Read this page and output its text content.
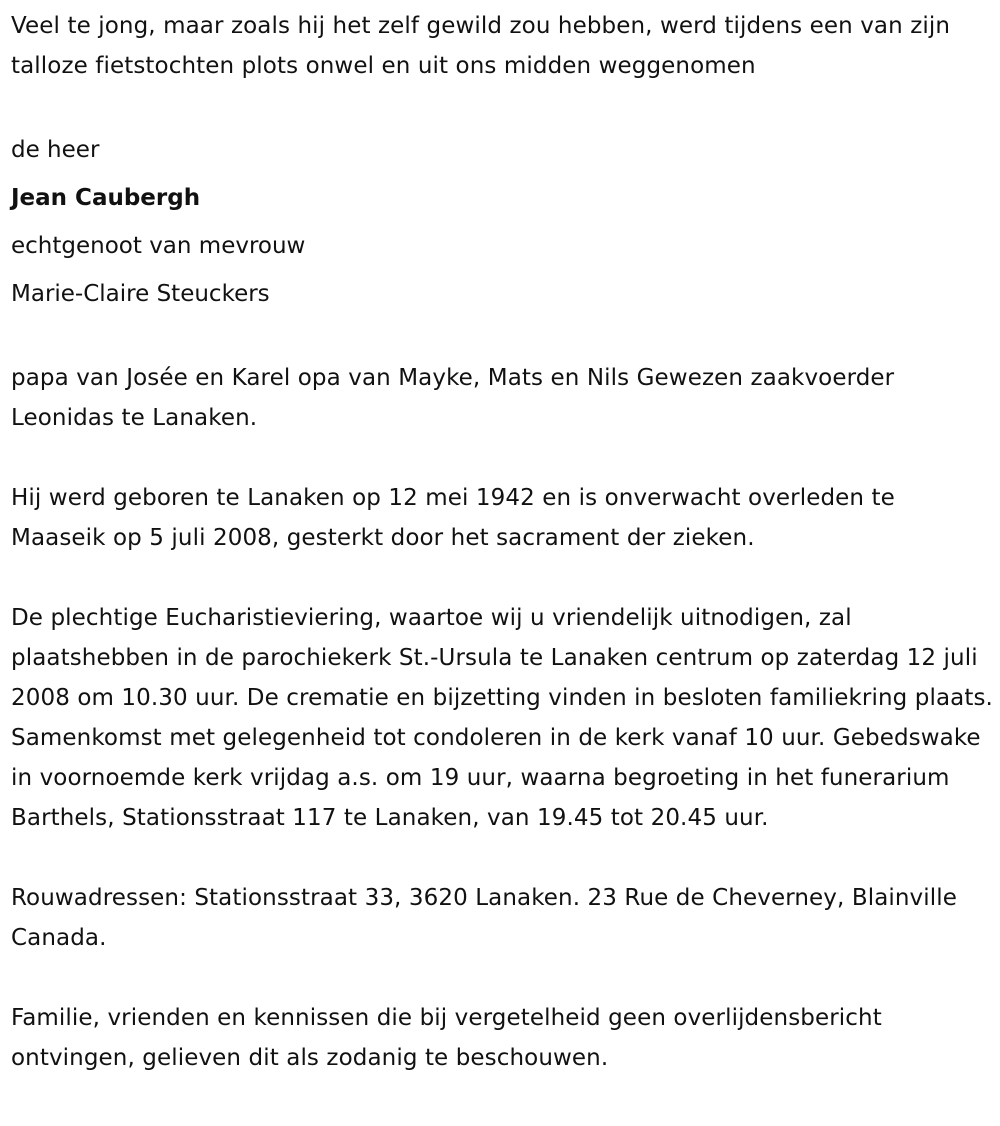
Veel te jong, maar zoals hij het zelf gewild zou hebben, werd tijdens een van zijn talloze fietstochten plots onwel en uit ons midden weggenomen

de heer

Jean Caubergh

echtgenoot van mevrouw

Marie-Claire Steuckers

papa van Josée en Karel opa van Mayke, Mats en Nils Gewezen zaakvoerder Leonidas te Lanaken.

Hij werd geboren te Lanaken op 12 mei 1942 en is onverwacht overleden te Maaseik op 5 juli 2008, gesterkt door het sacrament der zieken.

De plechtige Eucharistieviering, waartoe wij u vriendelijk uitnodigen, zal plaatshebben in de parochiekerk St.-Ursula te Lanaken centrum op zaterdag 12 juli 2008 om 10.30 uur. De crematie en bijzetting vinden in besloten familiekring plaats. Samenkomst met gelegenheid tot condoleren in de kerk vanaf 10 uur. Gebedswake in voornoemde kerk vrijdag a.s. om 19 uur, waarna begroeting in het funerarium Barthels, Stationsstraat 117 te Lanaken, van 19.45 tot 20.45 uur.

Rouwadressen: Stationsstraat 33, 3620 Lanaken. 23 Rue de Cheverney, Blainville Canada.

Familie, vrienden en kennissen die bij vergetelheid geen overlijdensbericht ontvingen, gelieven dit als zodanig te beschouwen.
